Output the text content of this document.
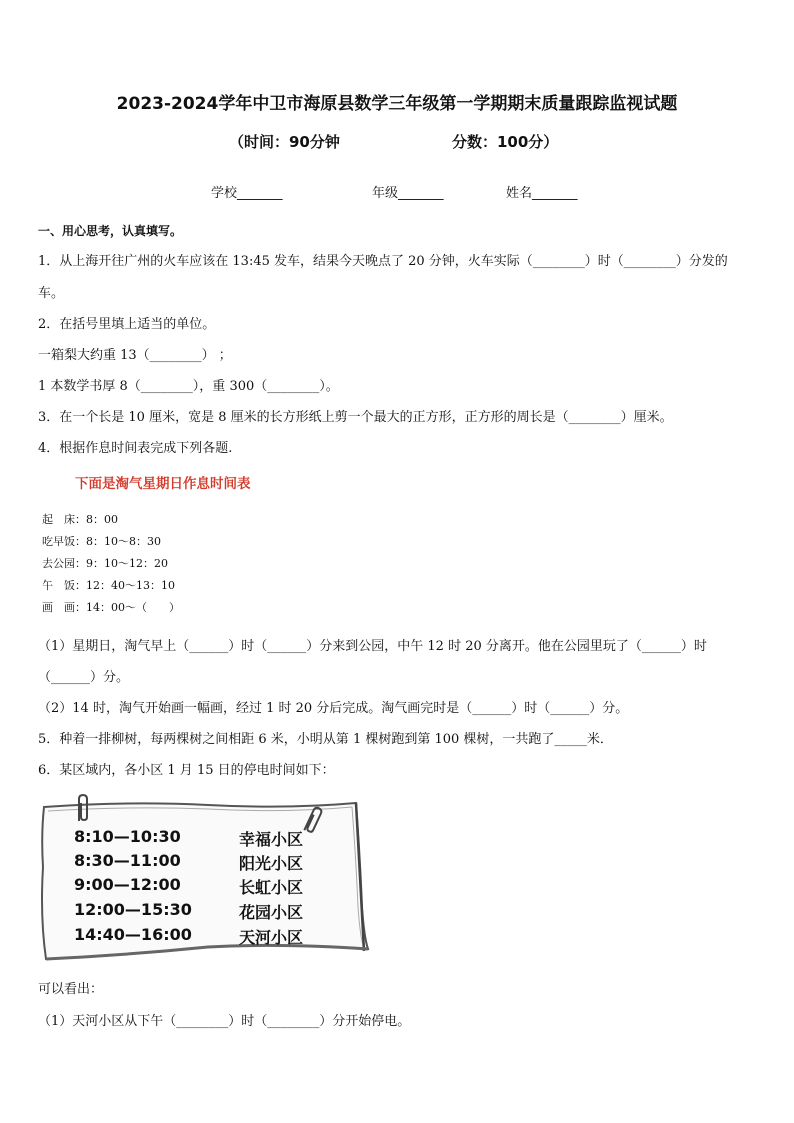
2023-2024学年中卫市海原县数学三年级第一学期期末质量跟踪监视试题
（时间：90分钟	分数：100分）
学校_______	年级_______	姓名_______
一、用心思考，认真填写。
1．从上海开往广州的火车应该在 13:45 发车，结果今天晚点了 20 分钟，火车实际（________）时（________）分发的
车。
2．在括号里填上适当的单位。
一箱梨大约重 13（________） ；
1 本数学书厚 8（________），重 300（________）。
3．在一个长是 10 厘米，宽是 8 厘米的长方形纸上剪一个最大的正方形，正方形的周长是（________）厘米。
4．根据作息时间表完成下列各题.
下面是淘气星期日作息时间表
起　床：8：00
吃早饭：8：10～8：30
去公园：9：10～12：20
午　饭：12：40～13：10
画　画：14：00～（　　）
（1）星期日，淘气早上（______）时（______）分来到公园，中午 12 时 20 分离开。他在公园里玩了（______）时
（______）分。
（2）14 时，淘气开始画一幅画，经过 1 时 20 分后完成。淘气画完时是（______）时（______）分。
5．种着一排柳树，每两棵树之间相距 6 米，小明从第 1 棵树跑到第 100 棵树，一共跑了_____米．
6．某区域内，各小区 1 月 15 日的停电时间如下：
8:10—10:30	幸福小区
8:30—11:00	阳光小区
9:00—12:00	长虹小区
12:00—15:30	花园小区
14:40—16:00	天河小区
可以看出：
（1）天河小区从下午（________）时（________）分开始停电。
